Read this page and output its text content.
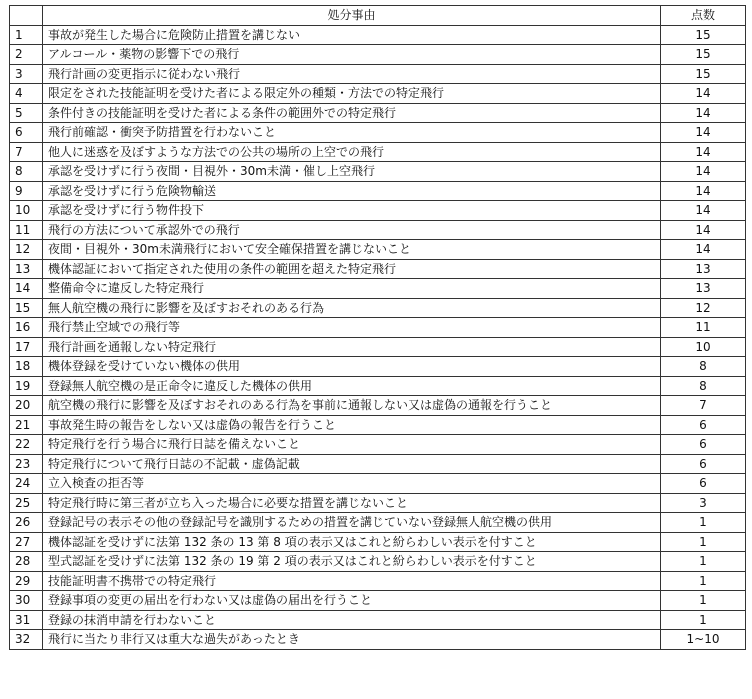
	処分事由	点数
1	事故が発生した場合に危険防止措置を講じない	15
2	アルコール・薬物の影響下での飛行	15
3	飛行計画の変更指示に従わない飛行	15
4	限定をされた技能証明を受けた者による限定外の種類・方法での特定飛行	14
5	条件付きの技能証明を受けた者による条件の範囲外での特定飛行	14
6	飛行前確認・衝突予防措置を行わないこと	14
7	他人に迷惑を及ぼすような方法での公共の場所の上空での飛行	14
8	承認を受けずに行う夜間・目視外・30m未満・催し上空飛行	14
9	承認を受けずに行う危険物輸送	14
10	承認を受けずに行う物件投下	14
11	飛行の方法について承認外での飛行	14
12	夜間・目視外・30m未満飛行において安全確保措置を講じないこと	14
13	機体認証において指定された使用の条件の範囲を超えた特定飛行	13
14	整備命令に違反した特定飛行	13
15	無人航空機の飛行に影響を及ぼすおそれのある行為	12
16	飛行禁止空域での飛行等	11
17	飛行計画を通報しない特定飛行	10
18	機体登録を受けていない機体の供用	8
19	登録無人航空機の是正命令に違反した機体の供用	8
20	航空機の飛行に影響を及ぼすおそれのある行為を事前に通報しない又は虚偽の通報を行うこと	7
21	事故発生時の報告をしない又は虚偽の報告を行うこと	6
22	特定飛行を行う場合に飛行日誌を備えないこと	6
23	特定飛行について飛行日誌の不記載・虚偽記載	6
24	立入検査の拒否等	6
25	特定飛行時に第三者が立ち入った場合に必要な措置を講じないこと	3
26	登録記号の表示その他の登録記号を識別するための措置を講じていない登録無人航空機の供用	1
27	機体認証を受けずに法第 132 条の 13 第 8 項の表示又はこれと紛らわしい表示を付すこと	1
28	型式認証を受けずに法第 132 条の 19 第 2 項の表示又はこれと紛らわしい表示を付すこと	1
29	技能証明書不携帯での特定飛行	1
30	登録事項の変更の届出を行わない又は虚偽の届出を行うこと	1
31	登録の抹消申請を行わないこと	1
32	飛行に当たり非行又は重大な過失があったとき	1~10
